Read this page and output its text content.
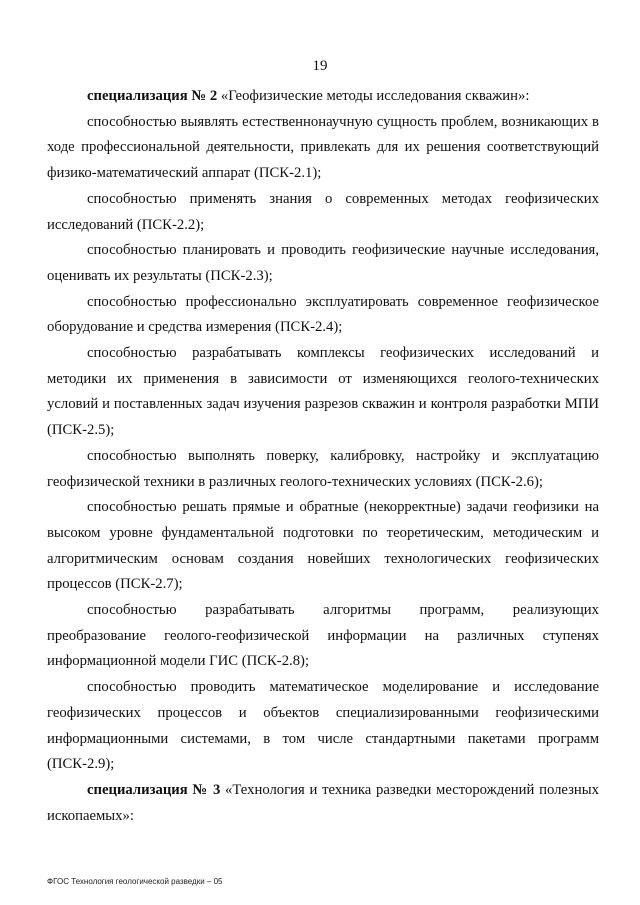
19

специализация № 2 «Геофизические методы исследования скважин»:

способностью выявлять естественнонаучную сущность проблем, возникающих в ходе профессиональной деятельности, привлекать для их решения соответствующий физико-математический аппарат (ПСК-2.1);

способностью применять знания о современных методах геофизических исследований (ПСК-2.2);

способностью планировать и проводить геофизические научные исследования, оценивать их результаты (ПСК-2.3);

способностью профессионально эксплуатировать современное геофизическое оборудование и средства измерения (ПСК-2.4);

способностью разрабатывать комплексы геофизических исследований и методики их применения в зависимости от изменяющихся геолого-технических условий и поставленных задач изучения разрезов скважин и контроля разработки МПИ (ПСК-2.5);

способностью выполнять поверку, калибровку, настройку и эксплуатацию геофизической техники в различных геолого-технических условиях (ПСК-2.6);

способностью решать прямые и обратные (некорректные) задачи геофизики на высоком уровне фундаментальной подготовки по теоретическим, методическим и алгоритмическим основам создания новейших технологических геофизических процессов (ПСК-2.7);

способностью разрабатывать алгоритмы программ, реализующих преобразование геолого-геофизической информации на различных ступенях информационной модели ГИС (ПСК-2.8);

способностью проводить математическое моделирование и исследование геофизических процессов и объектов специализированными геофизическими информационными системами, в том числе стандартными пакетами программ (ПСК-2.9);

специализация № 3 «Технология и техника разведки месторождений полезных ископаемых»:

ФГОС Технология геологической разведки – 05
